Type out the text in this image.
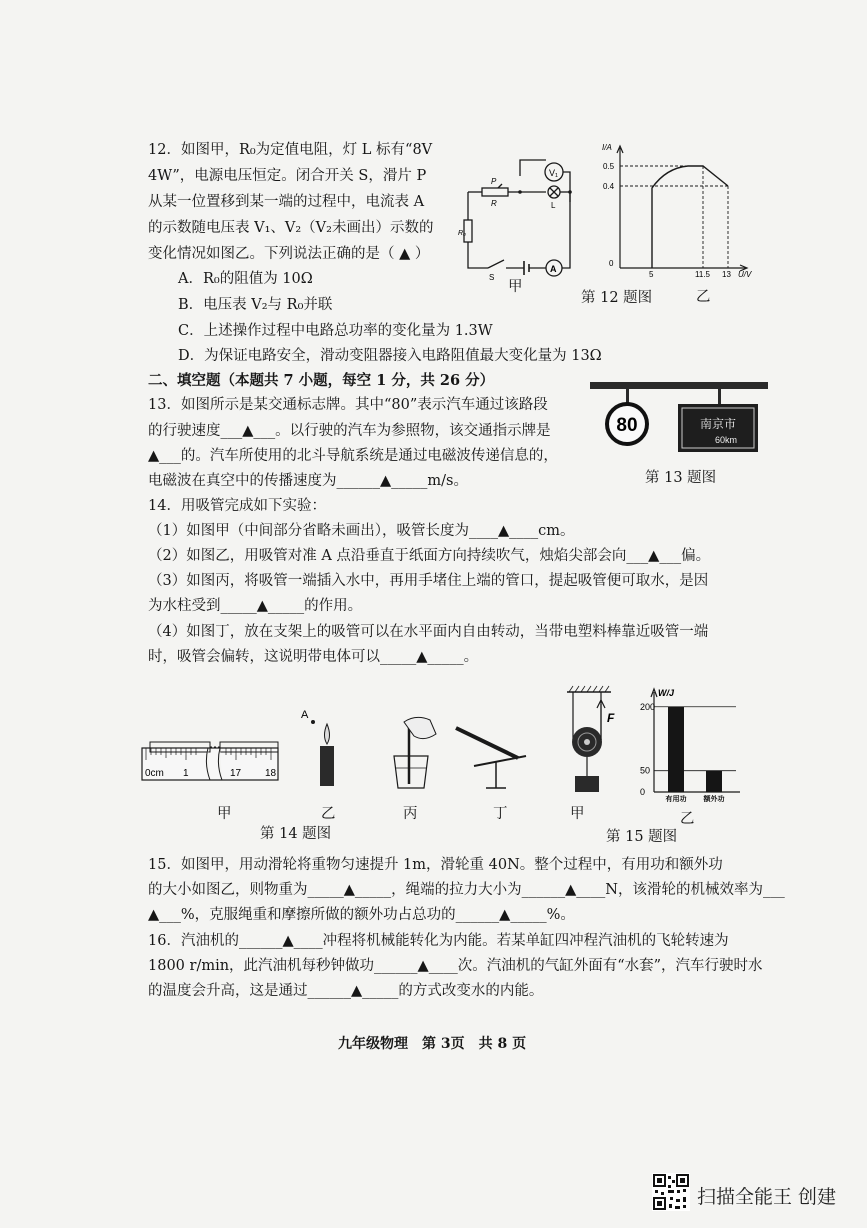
12．如图甲，R₀为定值电阻，灯 L 标有“8V
4W”，电源电压恒定。闭合开关 S，滑片 P
从某一位置移到某一端的过程中，电流表 A
的示数随电压表 V₁、V₂（V₂未画出）示数的
变化情况如图乙。下列说法正确的是（ ▲ ）
A．R₀的阻值为 10Ω
B．电压表 V₂与 R₀并联
C．上述操作过程中电路总功率的变化量为 1.3W
D．为保证电路安全，滑动变阻器接入电路阻值最大变化量为 13Ω
V₁
A
P
R	L
R₀
S
甲
I/A
0.5
0.4
0
5	11.5 13 U/V
第 12 题图	乙
二、填空题（本题共 7 小题，每空 1 分，共 26 分）
13．如图所示是某交通标志牌。其中“80”表示汽车通过该路段
的行驶速度___▲___。以行驶的汽车为参照物，该交通指示牌是
▲___的。汽车所使用的北斗导航系统是通过电磁波传递信息的，
电磁波在真空中的传播速度为______▲_____m/s。
80	南京市
60km
第 13 题图
14．用吸管完成如下实验：
（1）如图甲（中间部分省略未画出），吸管长度为____▲____cm。
（2）如图乙，用吸管对准 A 点沿垂直于纸面方向持续吹气，烛焰尖部会向___▲___偏。
（3）如图丙，将吸管一端插入水中，再用手堵住上端的管口，提起吸管便可取水，是因
为水柱受到_____▲_____的作用。
（4）如图丁，放在支架上的吸管可以在水平面内自由转动，当带电塑料棒靠近吸管一端
时，吸管会偏转，这说明带电体可以_____▲_____。
0cm 1	17 18
A
甲	乙	丙	丁
第 14 题图
F
W/J
0
50
200
有用功 额外功
甲	乙
第 15 题图
15．如图甲，用动滑轮将重物匀速提升 1m，滑轮重 40N。整个过程中，有用功和额外功
的大小如图乙，则物重为_____▲_____，绳端的拉力大小为______▲____N，该滑轮的机械效率为___
▲___%，克服绳重和摩擦所做的额外功占总功的______▲_____%。
16．汽油机的______▲____冲程将机械能转化为内能。若某单缸四冲程汽油机的飞轮转速为
1800 r/min，此汽油机每秒钟做功______▲____次。汽油机的气缸外面有“水套”，汽车行驶时水
的温度会升高，这是通过______▲_____的方式改变水的内能。
九年级物理　第 3页　共 8 页
扫描全能王 创建
